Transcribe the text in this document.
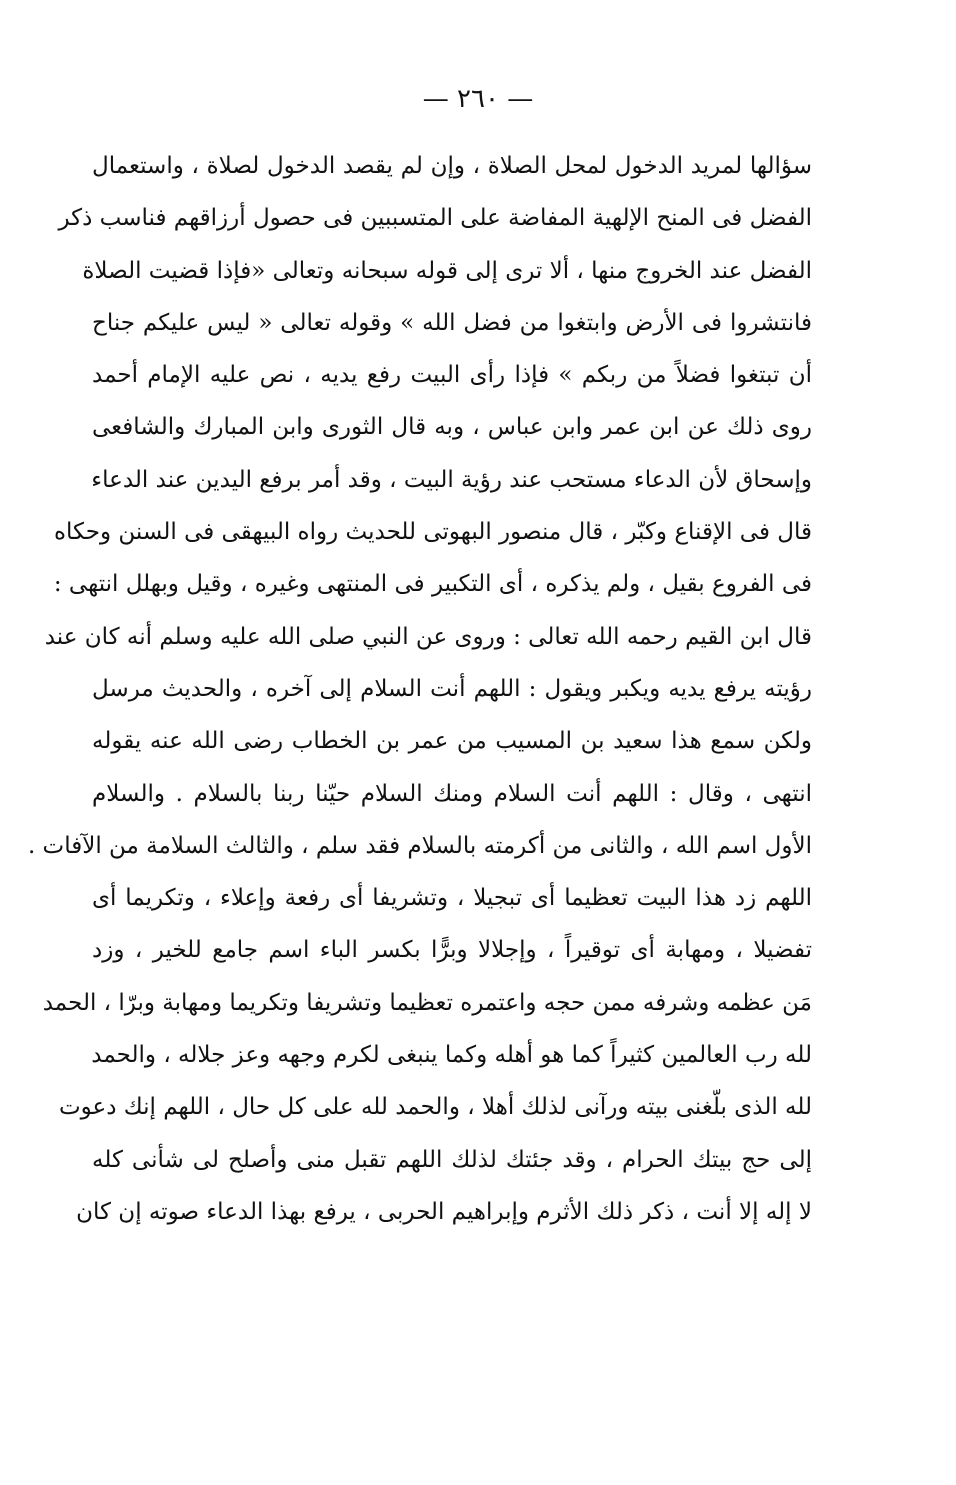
— ٢٦٠ —
سؤالها لمريد الدخول لمحل الصلاة ، وإن لم يقصد الدخول لصلاة ، واستعمال
الفضل فى المنح الإلهية المفاضة على المتسببين فى حصول أرزاقهم فناسب ذكر
الفضل عند الخروج منها ، ألا ترى إلى قوله سبحانه وتعالى «فإذا قضيت الصلاة
فانتشروا فى الأرض وابتغوا من فضل الله » وقوله تعالى « ليس عليكم جناح
أن تبتغوا فضلاً من ربكم » فإذا رأى البيت رفع يديه ، نص عليه الإمام أحمد
روى ذلك عن ابن عمر وابن عباس ، وبه قال الثورى وابن المبارك والشافعى
وإسحاق لأن الدعاء مستحب عند رؤية البيت ، وقد أمر برفع اليدين عند الدعاء
قال فى الإقناع وكبّر ، قال منصور البهوتى للحديث رواه البيهقى فى السنن وحكاه
فى الفروع بقيل ، ولم يذكره ، أى التكبير فى المنتهى وغيره ، وقيل وبهلل انتهى :
قال ابن القيم رحمه الله تعالى : وروى عن النبي صلى الله عليه وسلم أنه كان عند
رؤيته يرفع يديه ويكبر ويقول : اللهم أنت السلام إلى آخره ، والحديث مرسل
ولكن سمع هذا سعيد بن المسيب من عمر بن الخطاب رضى الله عنه يقوله
انتهى ، وقال : اللهم أنت السلام ومنك السلام حيّنا ربنا بالسلام . والسلام
الأول اسم الله ، والثانى من أكرمته بالسلام فقد سلم ، والثالث السلامة من الآفات .
اللهم زد هذا البيت تعظيما أى تبجيلا ، وتشريفا أى رفعة وإعلاء ، وتكريما أى
تفضيلا ، ومهابة أى توقيراً ، وإجلالا وبرًّا بكسر الباء اسم جامع للخير ، وزد
مَن عظمه وشرفه ممن حجه واعتمره تعظيما وتشريفا وتكريما ومهابة وبرّا ، الحمد
لله رب العالمين كثيراً كما هو أهله وكما ينبغى لكرم وجهه وعز جلاله ، والحمد
لله الذى بلّغنى بيته ورآنى لذلك أهلا ، والحمد لله على كل حال ، اللهم إنك دعوت
إلى حج بيتك الحرام ، وقد جئتك لذلك اللهم تقبل منى وأصلح لى شأنى كله
لا إله إلا أنت ، ذكر ذلك الأثرم وإبراهيم الحربى ، يرفع بهذا الدعاء صوته إن كان
